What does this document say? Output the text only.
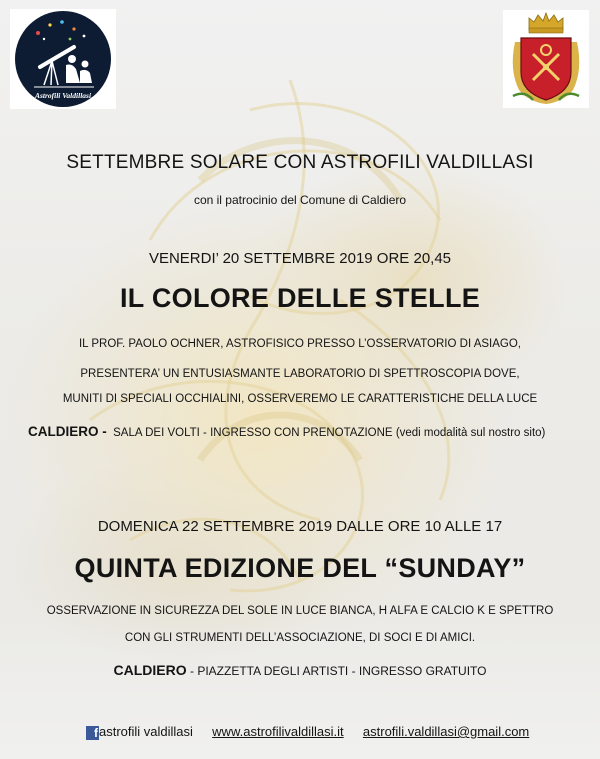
Astrofili Valdillasi
SETTEMBRE SOLARE CON ASTROFILI VALDILLASI
con il patrocinio del Comune di Caldiero
VENERDI’ 20 SETTEMBRE 2019 ORE 20,45
IL COLORE DELLE STELLE
IL PROF. PAOLO OCHNER, ASTROFISICO PRESSO L’OSSERVATORIO DI ASIAGO,
PRESENTERA’ UN ENTUSIASMANTE LABORATORIO DI SPETTROSCOPIA DOVE,
MUNITI DI SPECIALI OCCHIALINI, OSSERVEREMO LE CARATTERISTICHE DELLA LUCE
CALDIERO - SALA DEI VOLTI - INGRESSO CON PRENOTAZIONE (vedi modalità sul nostro sito)
DOMENICA 22 SETTEMBRE 2019 DALLE ORE 10 ALLE 17
QUINTA EDIZIONE DEL “SUNDAY”
OSSERVAZIONE IN SICUREZZA DEL SOLE IN LUCE BIANCA, H ALFA E CALCIO K E SPETTRO
CON GLI STRUMENTI DELL’ASSOCIAZIONE, DI SOCI E DI AMICI.
CALDIERO - PIAZZETTA DEGLI ARTISTI - INGRESSO GRATUITO
fastrofili valdillasi www.astrofilivaldillasi.it astrofili.valdillasi@gmail.com
